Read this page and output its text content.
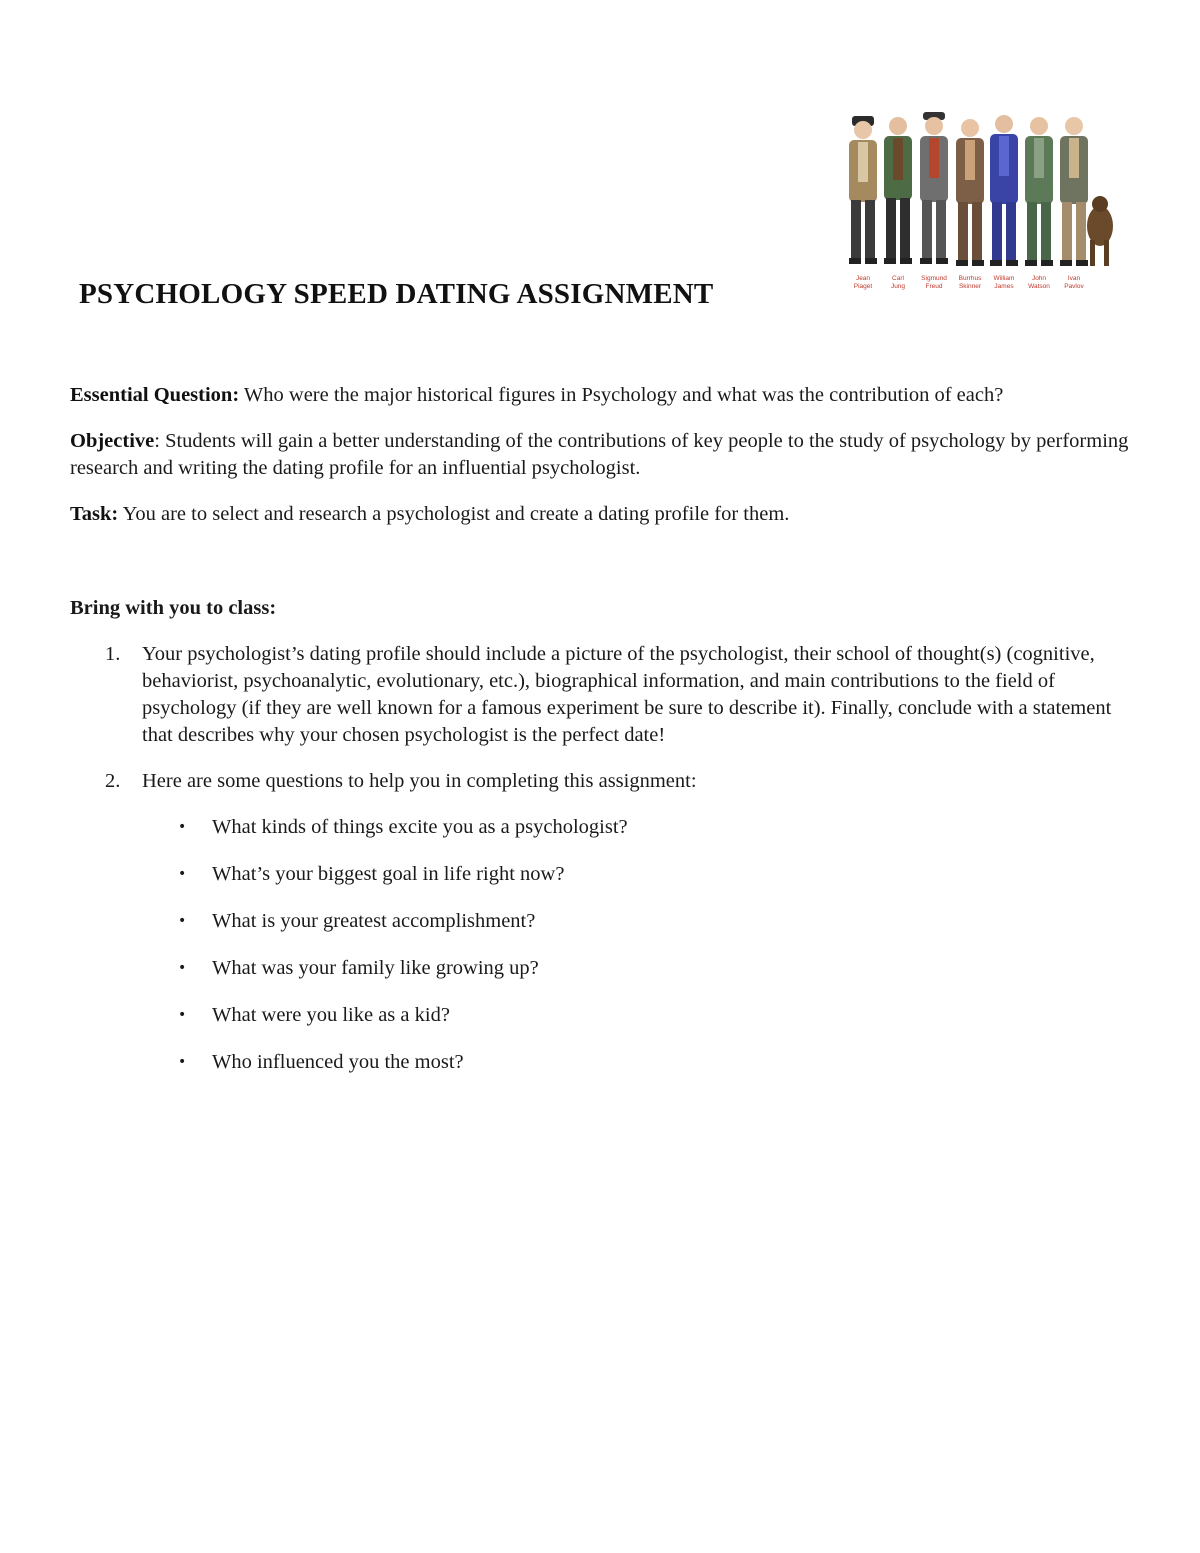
Jean
Piaget
Carl
Jung
Sigmund
Freud
Burrhus
Skinner
William
James
John
Watson
Ivan
Pavlov
PSYCHOLOGY SPEED DATING ASSIGNMENT

Essential Question: Who were the major historical figures in Psychology and what was the contribution of each?

Objective: Students will gain a better understanding of the contributions of key people to the study of psychology by performing research and writing the dating profile for an influential psychologist.

Task: You are to select and research a psychologist and create a dating profile for them.

Bring with you to class:

1. Your psychologist’s dating profile should include a picture of the psychologist, their school of thought(s) (cognitive, behaviorist, psychoanalytic, evolutionary, etc.), biographical information, and main contributions to the field of psychology (if they are well known for a famous experiment be sure to describe it). Finally, conclude with a statement that describes why your chosen psychologist is the perfect date!
2. Here are some questions to help you in completing this assignment:
• What kinds of things excite you as a psychologist?
• What’s your biggest goal in life right now?
• What is your greatest accomplishment?
• What was your family like growing up?
• What were you like as a kid?
• Who influenced you the most?
